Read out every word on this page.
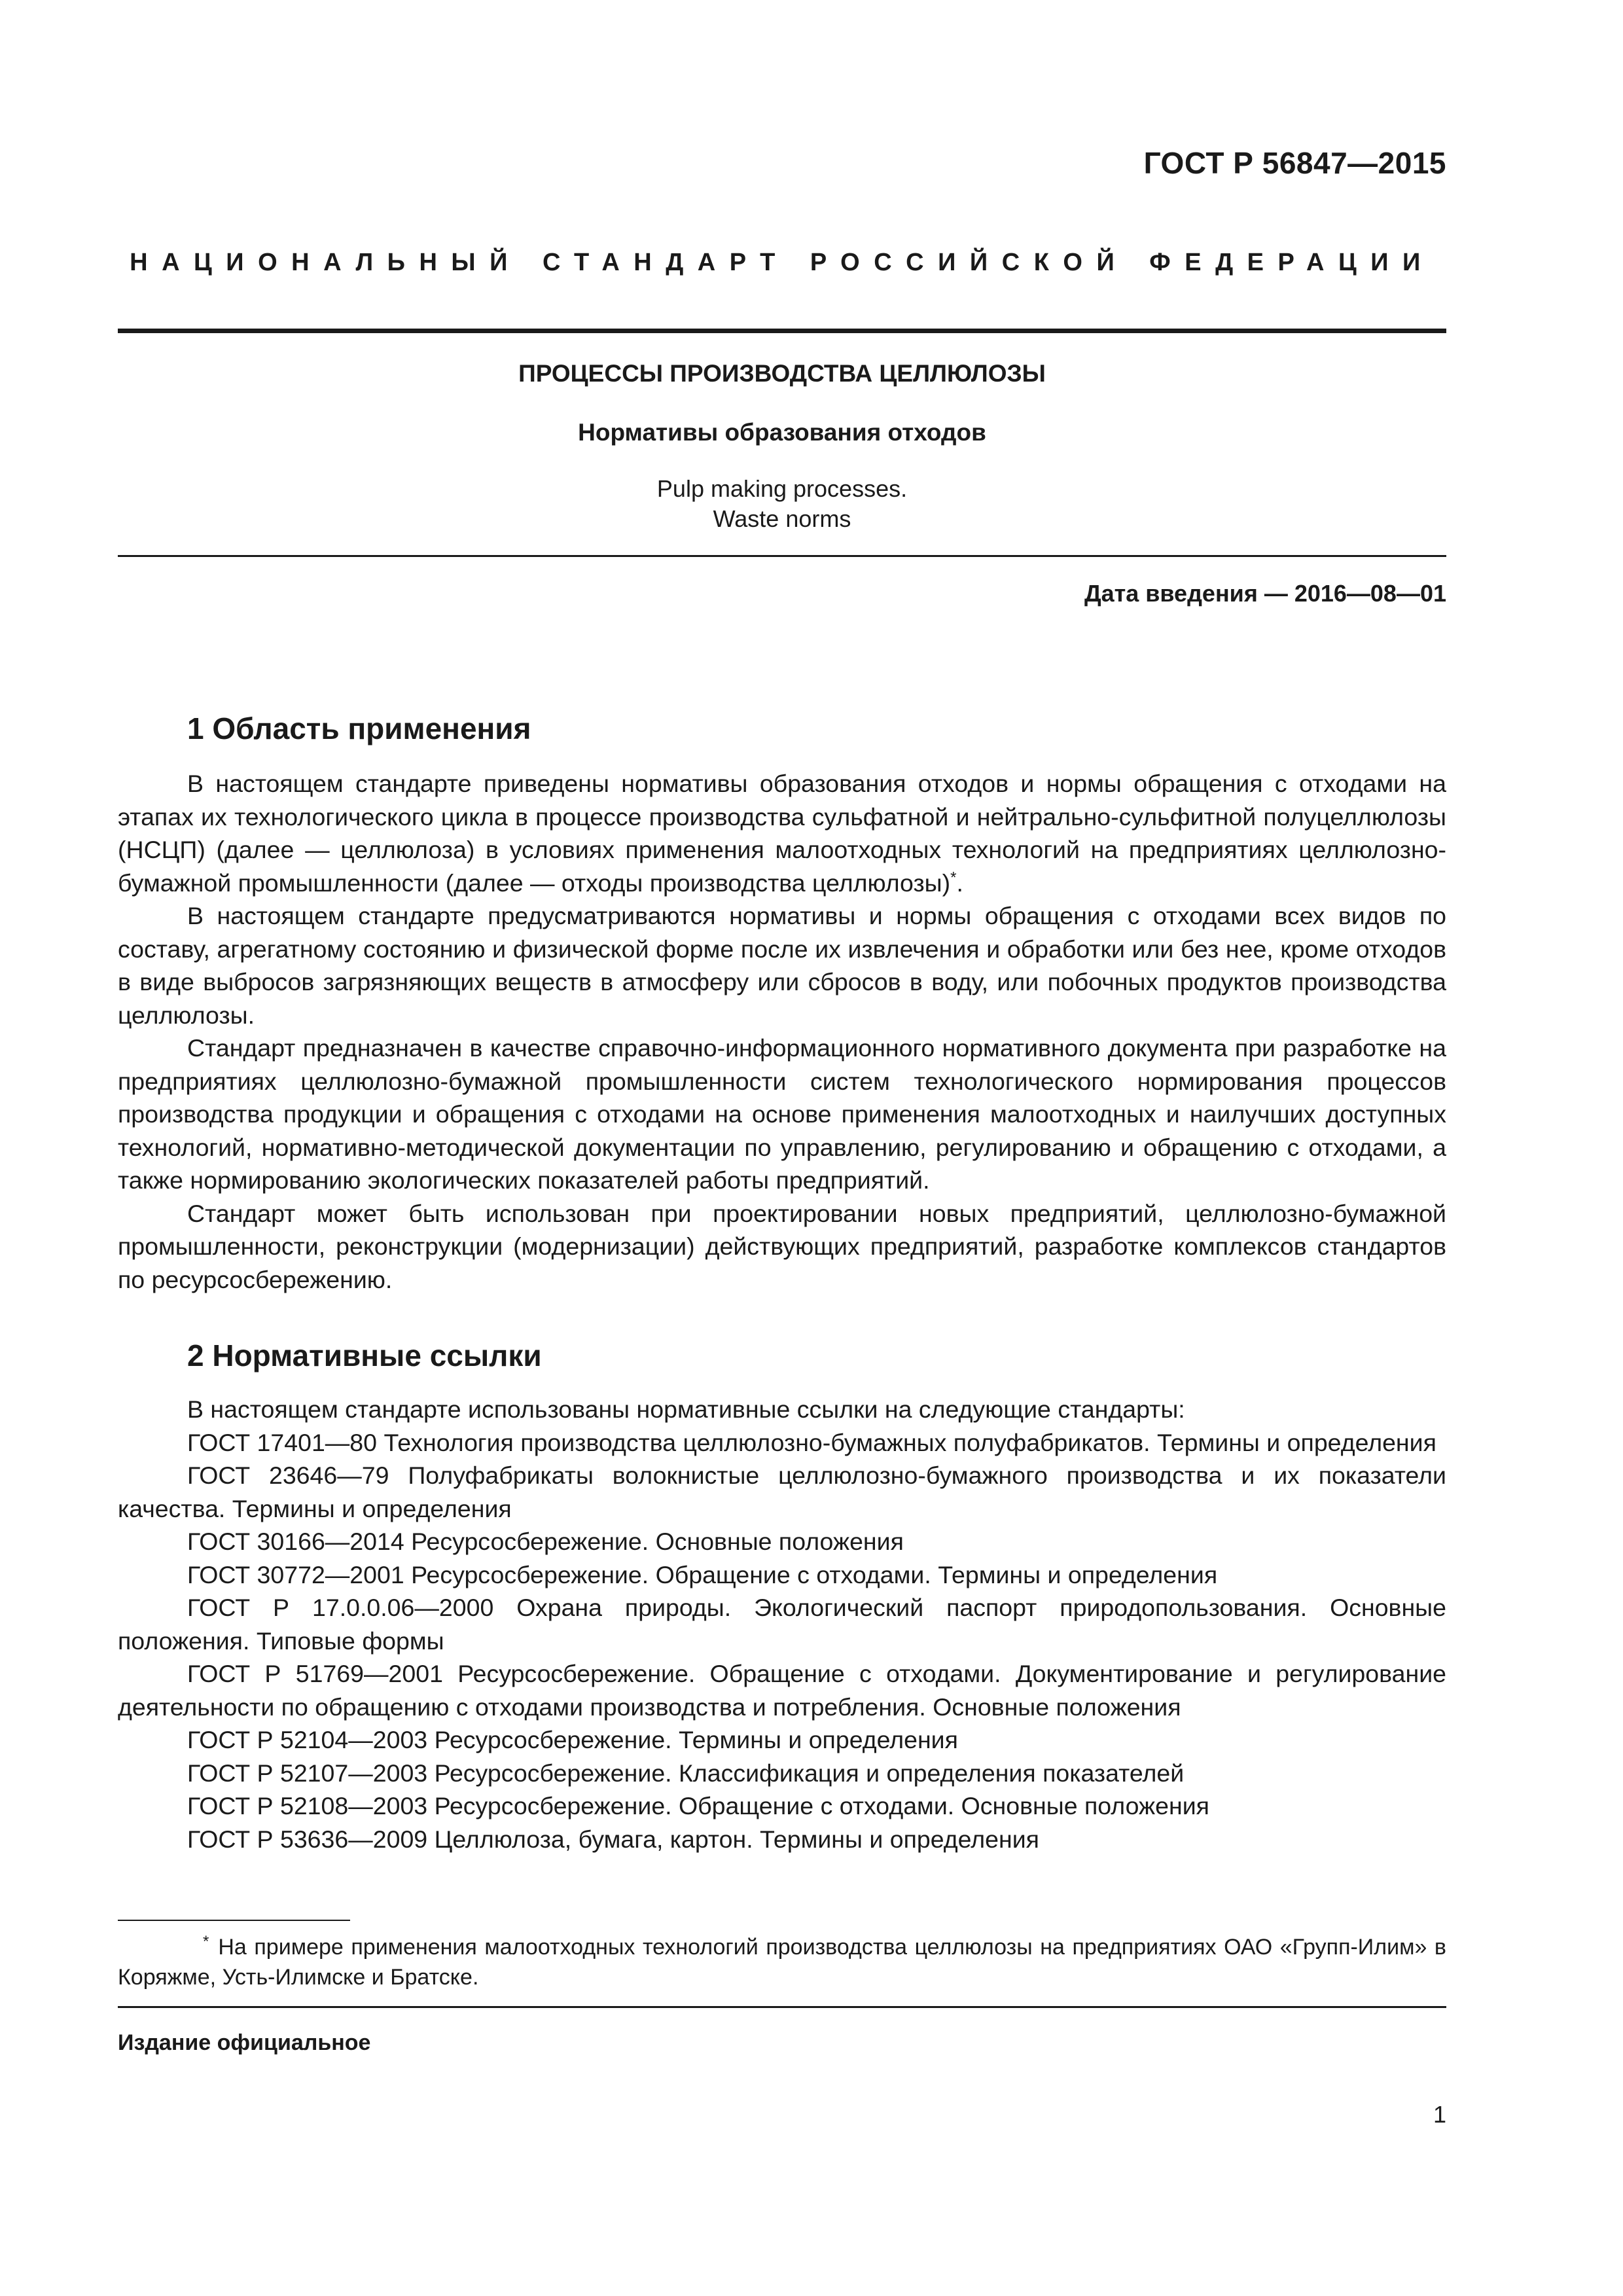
ГОСТ Р 56847—2015
НАЦИОНАЛЬНЫЙ СТАНДАРТ РОССИЙСКОЙ ФЕДЕРАЦИИ
ПРОЦЕССЫ ПРОИЗВОДСТВА ЦЕЛЛЮЛОЗЫ
Нормативы образования отходов
Pulp making processes.
Waste norms
Дата введения — 2016—08—01
1 Область применения

В настоящем стандарте приведены нормативы образования отходов и нормы обращения с отходами на этапах их технологического цикла в процессе производства сульфатной и нейтрально-сульфитной полуцеллюлозы (НСЦП) (далее — целлюлоза) в условиях применения малоотходных технологий на предприятиях целлюлозно-бумажной промышленности (далее — отходы производства целлюлозы)*.

В настоящем стандарте предусматриваются нормативы и нормы обращения с отходами всех видов по составу, агрегатному состоянию и физической форме после их извлечения и обработки или без нее, кроме отходов в виде выбросов загрязняющих веществ в атмосферу или сбросов в воду, или побочных продуктов производства целлюлозы.

Стандарт предназначен в качестве справочно-информационного нормативного документа при разработке на предприятиях целлюлозно-бумажной промышленности систем технологического нормирования процессов производства продукции и обращения с отходами на основе применения малоотходных и наилучших доступных технологий, нормативно-методической документации по управлению, регулированию и обращению с отходами, а также нормированию экологических показателей работы предприятий.

Стандарт может быть использован при проектировании новых предприятий, целлюлозно-бумажной промышленности, реконструкции (модернизации) действующих предприятий, разработке комплексов стандартов по ресурсосбережению.

2 Нормативные ссылки

В настоящем стандарте использованы нормативные ссылки на следующие стандарты:

ГОСТ 17401—80 Технология производства целлюлозно-бумажных полуфабрикатов. Термины и определения

ГОСТ 23646—79 Полуфабрикаты волокнистые целлюлозно-бумажного производства и их показатели качества. Термины и определения

ГОСТ 30166—2014 Ресурсосбережение. Основные положения

ГОСТ 30772—2001 Ресурсосбережение. Обращение с отходами. Термины и определения

ГОСТ Р 17.0.0.06—2000 Охрана природы. Экологический паспорт природопользования. Основные положения. Типовые формы

ГОСТ Р 51769—2001 Ресурсосбережение. Обращение с отходами. Документирование и регулирование деятельности по обращению с отходами производства и потребления. Основные положения

ГОСТ Р 52104—2003 Ресурсосбережение. Термины и определения

ГОСТ Р 52107—2003 Ресурсосбережение. Классификация и определения показателей

ГОСТ Р 52108—2003 Ресурсосбережение. Обращение с отходами. Основные положения

ГОСТ Р 53636—2009 Целлюлоза, бумага, картон. Термины и определения

* На примере применения малоотходных технологий производства целлюлозы на предприятиях ОАО «Групп-Илим» в Коряжме, Усть-Илимске и Братске.
Издание официальное
1
